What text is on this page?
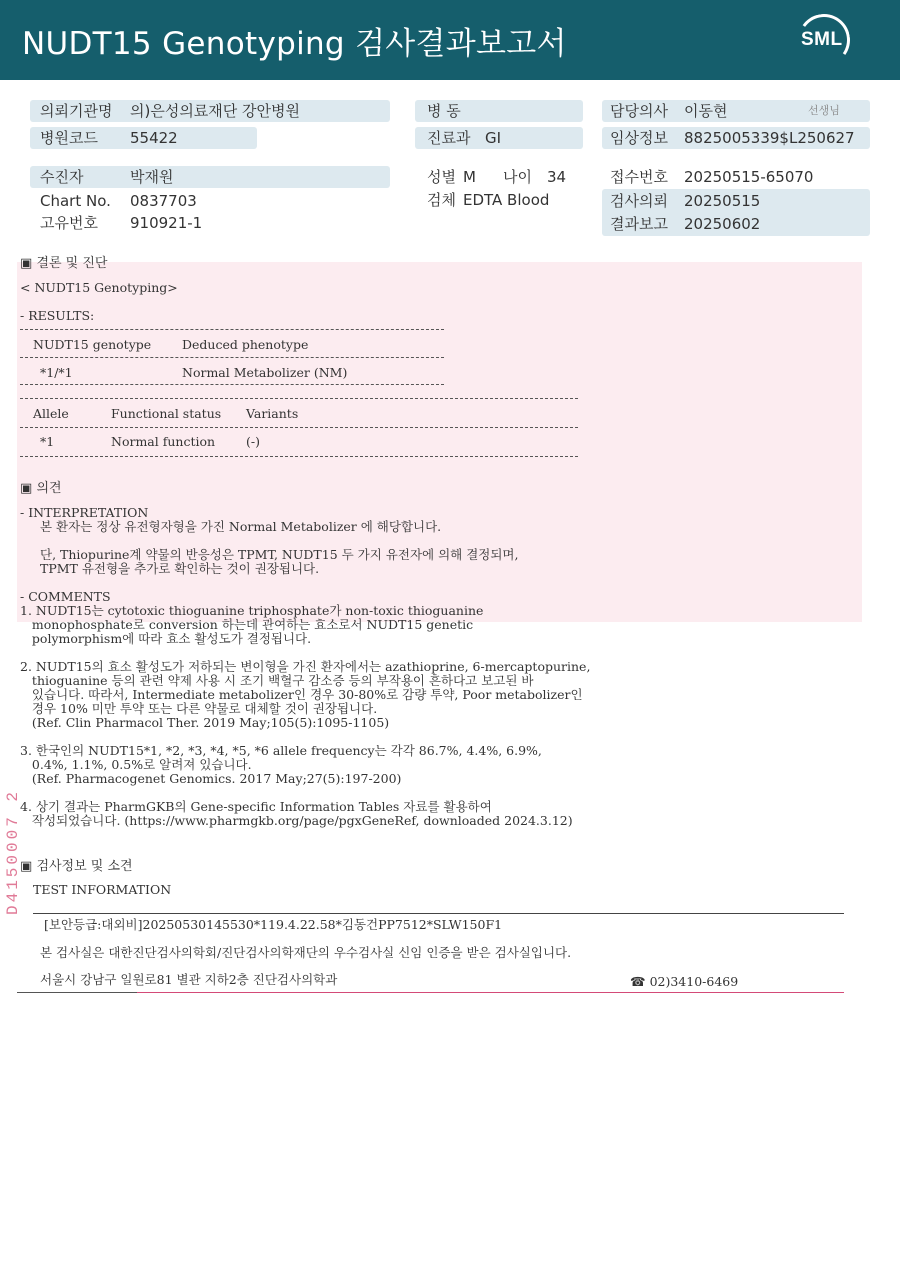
NUDT15 Genotyping 검사결과보고서	SML
의뢰기관명 의)은성의료재단 강안병원
병원코드 55422
수진자	박재원
Chart No. 0837703
고유번호 910921-1
병 동
진료과 GI
성별 M 나이 34
검체 EDTA Blood
담당의사 이동현	선생님
임상정보 8825005339$L250627
접수번호 20250515-65070
검사의뢰 20250515
결과보고 20250602
▣ 결론 및 진단
< NUDT15 Genotyping>
- RESULTS:
NUDT15 genotype Deduced phenotype
*1/*1	Normal Metabolizer (NM)
Allele	Functional status Variants
*1	Normal function (-)
▣ 의견
- INTERPRETATION
본 환자는 정상 유전형자형을 가진 Normal Metabolizer 에 해당합니다.
단, Thiopurine계 약물의 반응성은 TPMT, NUDT15 두 가지 유전자에 의해 결정되며,
TPMT 유전형을 추가로 확인하는 것이 권장됩니다.
- COMMENTS
1. NUDT15는 cytotoxic thioguanine triphosphate가 non-toxic thioguanine
monophosphate로 conversion 하는데 관여하는 효소로서 NUDT15 genetic
polymorphism에 따라 효소 활성도가 결정됩니다.
2. NUDT15의 효소 활성도가 저하되는 변이형을 가진 환자에서는 azathioprine, 6-mercaptopurine,
thioguanine 등의 관련 약제 사용 시 조기 백혈구 감소증 등의 부작용이 흔하다고 보고된 바
있습니다. 따라서, Intermediate metabolizer인 경우 30-80%로 감량 투약, Poor metabolizer인
경우 10% 미만 투약 또는 다른 약물로 대체할 것이 권장됩니다.
(Ref. Clin Pharmacol Ther. 2019 May;105(5):1095-1105)
3. 한국인의 NUDT15*1, *2, *3, *4, *5, *6 allele frequency는 각각 86.7%, 4.4%, 6.9%,
0.4%, 1.1%, 0.5%로 알려져 있습니다.
(Ref. Pharmacogenet Genomics. 2017 May;27(5):197-200)
4. 상기 결과는 PharmGKB의 Gene-specific Information Tables 자료를 활용하여
작성되었습니다. (https://www.pharmgkb.org/page/pgxGeneRef, downloaded 2024.3.12)
▣ 검사정보 및 소견
TEST INFORMATION
[보안등급:대외비]20250530145530*119.4.22.58*김동건PP7512*SLW150F1
본 검사실은 대한진단검사의학회/진단검사의학재단의 우수검사실 신임 인증을 받은 검사실입니다.
서울시 강남구 일원로81 별관 지하2층 진단검사의학과	☎ 02)3410-6469
D4150007 2
